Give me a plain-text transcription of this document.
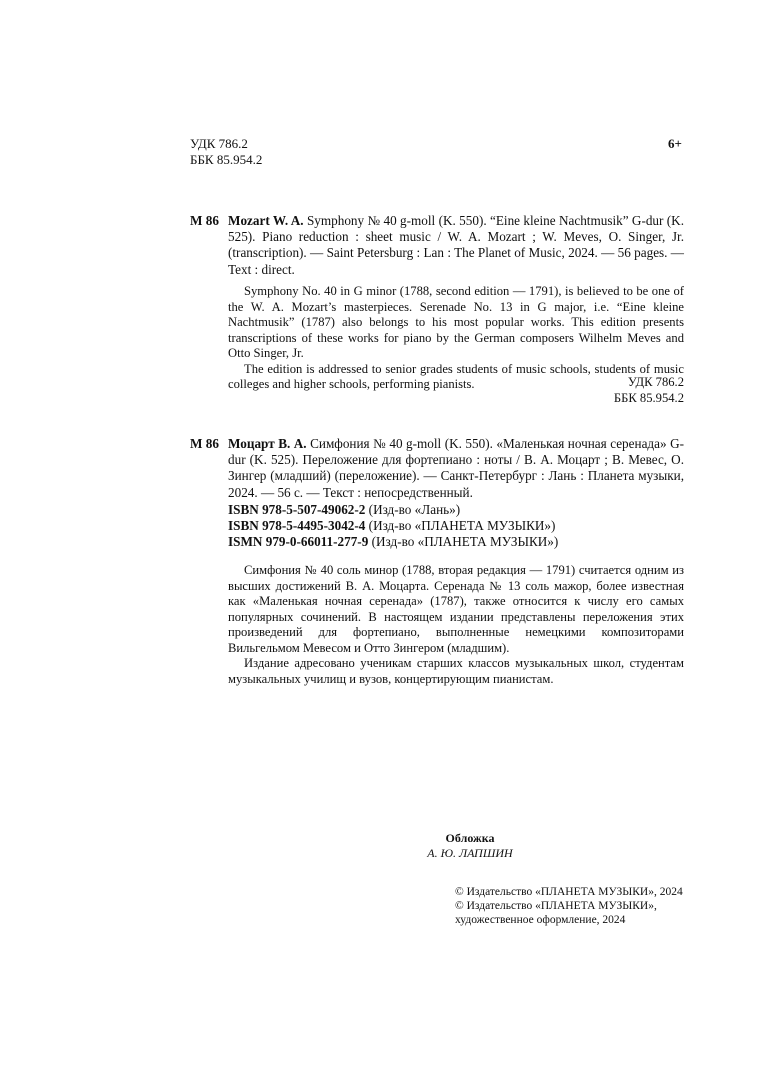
УДК 786.2
ББК 85.954.2
6+
M 86 Mozart W. A. Symphony № 40 g-moll (K. 550). “Eine kleine Nachtmusik” G-dur (K. 525). Piano reduction : sheet music / W. A. Mozart ; W. Meves, O. Singer, Jr. (transcription). — Saint Petersburg : Lan : The Planet of Music, 2024. — 56 pages. — Text : direct.

Symphony No. 40 in G minor (1788, second edition — 1791), is believed to be one of the W. A. Mozart’s masterpieces. Serenade No. 13 in G major, i.e. “Eine kleine Nachtmusik” (1787) also belongs to his most popular works. This edition presents transcriptions of these works for piano by the German composers Wilhelm Meves and Otto Singer, Jr.

The edition is addressed to senior grades students of music schools, students of music colleges and higher schools, performing pianists.	УДК 786.2
ББК 85.954.2
M 86 Моцарт В. А. Симфония № 40 g-moll (K. 550). «Маленькая ночная серенада» G-dur (K. 525). Переложение для фортепиано : ноты / В. А. Моцарт ; В. Мевес, О. Зингер (младший) (переложение). — Санкт-Петербург : Лань : Планета музыки, 2024. — 56 с. — Текст : непосредственный.
ISBN 978-5-507-49062-2 (Изд-во «Лань»)
ISBN 978-5-4495-3042-4 (Изд-во «ПЛАНЕТА МУЗЫКИ»)
ISMN 979-0-66011-277-9 (Изд-во «ПЛАНЕТА МУЗЫКИ»)

Симфония № 40 соль минор (1788, вторая редакция — 1791) считается одним из высших достижений В. А. Моцарта. Серенада № 13 соль мажор, более известная как «Маленькая ночная серенада» (1787), также относится к числу его самых популярных сочинений. В настоящем издании представлены переложения этих произведений для фортепиано, выполненные немецкими композиторами Вильгельмом Мевесом и Отто Зингером (младшим).

Издание адресовано ученикам старших классов музыкальных школ, студентам музыкальных училищ и вузов, концертирующим пианистам.

Обложка
А. Ю. ЛАПШИН
© Издательство «ПЛАНЕТА МУЗЫКИ», 2024
© Издательство «ПЛАНЕТА МУЗЫКИ»,
художественное оформление, 2024
